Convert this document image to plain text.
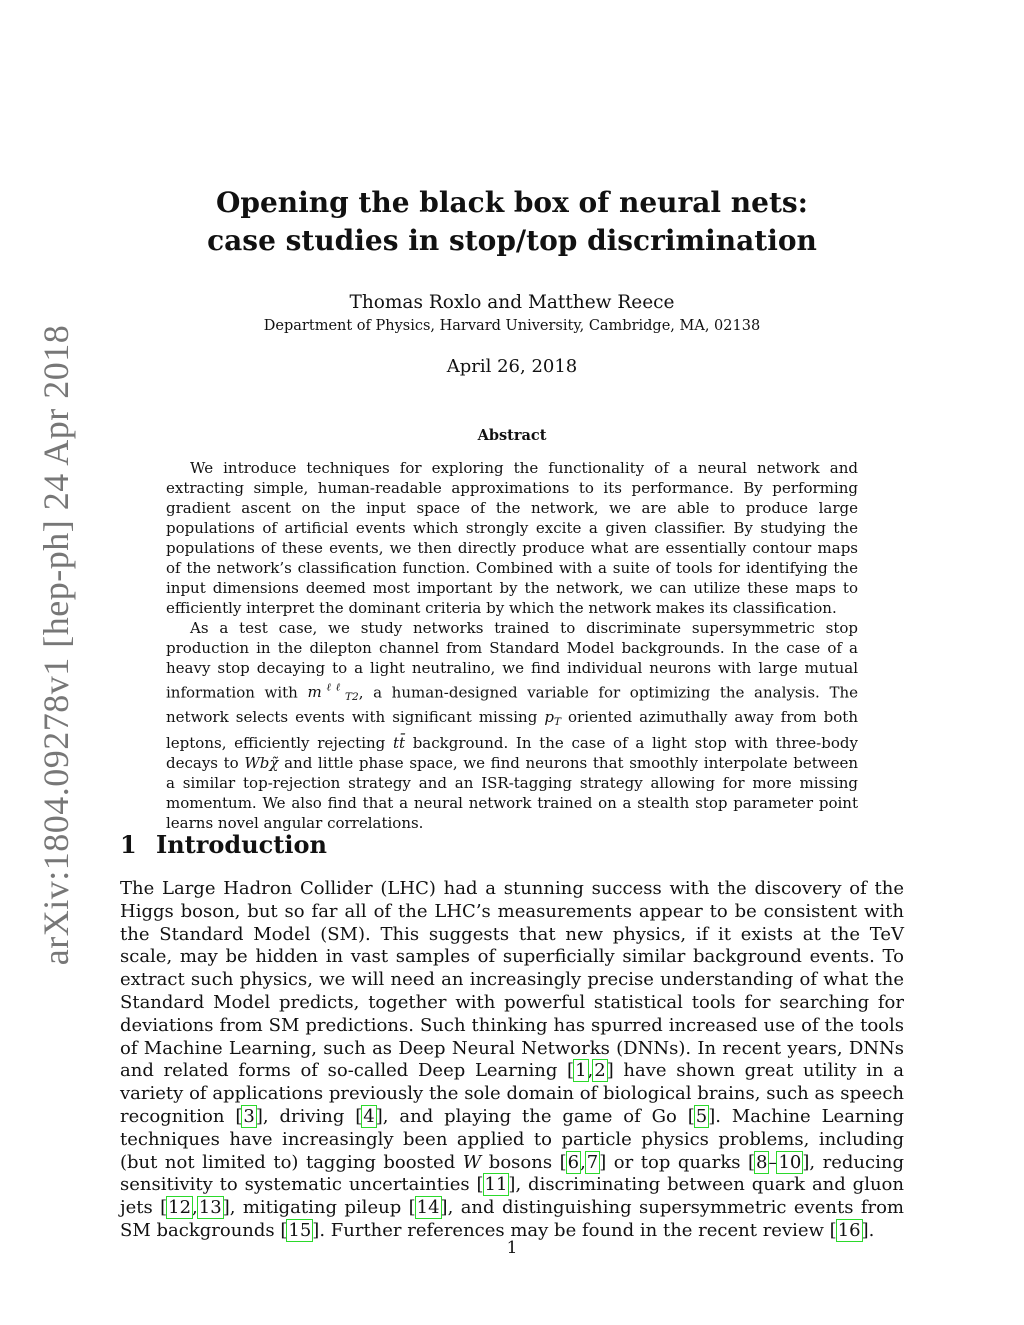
arXiv:1804.09278v1 [hep-ph] 24 Apr 2018
Opening the black box of neural nets:
case studies in stop/top discrimination
Thomas Roxlo and Matthew Reece
Department of Physics, Harvard University, Cambridge, MA, 02138
April 26, 2018
Abstract

We introduce techniques for exploring the functionality of a neural network and extracting simple, human-readable approximations to its performance. By performing gradient ascent on the input space of the network, we are able to produce large populations of artificial events which strongly excite a given classifier. By studying the populations of these events, we then directly produce what are essentially contour maps of the network’s classification function. Combined with a suite of tools for identifying the input dimensions deemed most important by the network, we can utilize these maps to efficiently interpret the dominant criteria by which the network makes its classification.

As a test case, we study networks trained to discriminate supersymmetric stop production in the dilepton channel from Standard Model backgrounds. In the case of a heavy stop decaying to a light neutralino, we find individual neurons with large mutual information with $m^{\ell\ell}_{T2}$, a human-designed variable for optimizing the analysis. The network selects events with significant missing $p_T$ oriented azimuthally away from both leptons, efficiently rejecting tt̄ background. In the case of a light stop with three-body decays to Wbχ̃ and little phase space, we find neurons that smoothly interpolate between a similar top-rejection strategy and an ISR-tagging strategy allowing for more missing momentum. We also find that a neural network trained on a stealth stop parameter point learns novel angular correlations.

1 Introduction

The Large Hadron Collider (LHC) had a stunning success with the discovery of the Higgs boson, but so far all of the LHC’s measurements appear to be consistent with the Standard Model (SM). This suggests that new physics, if it exists at the TeV scale, may be hidden in vast samples of superficially similar background events. To extract such physics, we will need an increasingly precise understanding of what the Standard Model predicts, together with powerful statistical tools for searching for deviations from SM predictions. Such thinking has spurred increased use of the tools of Machine Learning, such as Deep Neural Networks (DNNs). In recent years, DNNs and related forms of so-called Deep Learning [1,2] have shown great utility in a variety of applications previously the sole domain of biological brains, such as speech recognition [3], driving [4], and playing the game of Go [5]. Machine Learning techniques have increasingly been applied to particle physics problems, including (but not limited to) tagging boosted W bosons [6,7] or top quarks [8–10], reducing sensitivity to systematic uncertainties [11], discriminating between quark and gluon jets [12,13], mitigating pileup [14], and distinguishing supersymmetric events from SM backgrounds [15]. Further references may be found in the recent review [16].

1
